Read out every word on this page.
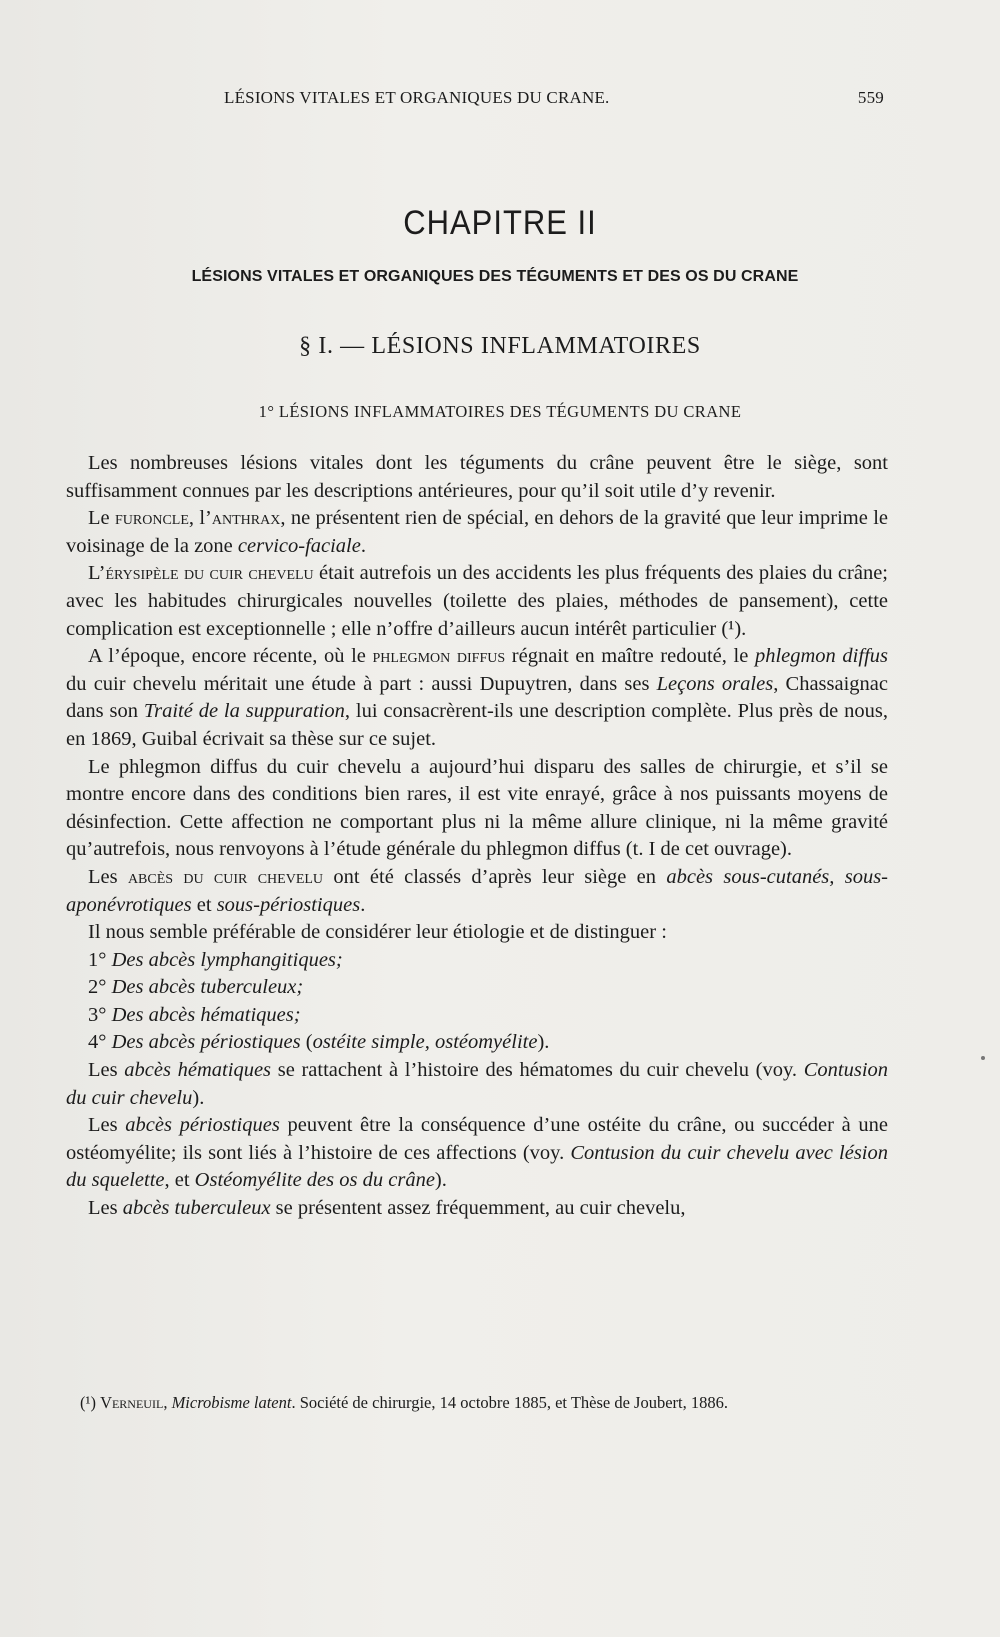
LÉSIONS VITALES ET ORGANIQUES DU CRANE.	559
CHAPITRE II
LÉSIONS VITALES ET ORGANIQUES DES TÉGUMENTS ET DES OS DU CRANE
§ I. — LÉSIONS INFLAMMATOIRES
1° LÉSIONS INFLAMMATOIRES DES TÉGUMENTS DU CRANE

Les nombreuses lésions vitales dont les téguments du crâne peuvent être le siège, sont suffisamment connues par les descriptions antérieures, pour qu’il soit utile d’y revenir.

Le furoncle, l’anthrax, ne présentent rien de spécial, en dehors de la gravité que leur imprime le voisinage de la zone cervico-faciale.

L’érysipèle du cuir chevelu était autrefois un des accidents les plus fréquents des plaies du crâne; avec les habitudes chirurgicales nouvelles (toilette des plaies, méthodes de pansement), cette complication est exceptionnelle ; elle n’offre d’ailleurs aucun intérêt particulier (¹).

A l’époque, encore récente, où le phlegmon diffus régnait en maître redouté, le phlegmon diffus du cuir chevelu méritait une étude à part : aussi Dupuytren, dans ses Leçons orales, Chassaignac dans son Traité de la suppuration, lui consacrèrent-ils une description complète. Plus près de nous, en 1869, Guibal écrivait sa thèse sur ce sujet.

Le phlegmon diffus du cuir chevelu a aujourd’hui disparu des salles de chirurgie, et s’il se montre encore dans des conditions bien rares, il est vite enrayé, grâce à nos puissants moyens de désinfection. Cette affection ne comportant plus ni la même allure clinique, ni la même gravité qu’autrefois, nous renvoyons à l’étude générale du phlegmon diffus (t. I de cet ouvrage).

Les abcès du cuir chevelu ont été classés d’après leur siège en abcès sous-cutanés, sous-aponévrotiques et sous-périostiques.

Il nous semble préférable de considérer leur étiologie et de distinguer :

1° Des abcès lymphangitiques;

2° Des abcès tuberculeux;

3° Des abcès hématiques;

4° Des abcès périostiques (ostéite simple, ostéomyélite).

Les abcès hématiques se rattachent à l’histoire des hématomes du cuir chevelu (voy. Contusion du cuir chevelu).

Les abcès périostiques peuvent être la conséquence d’une ostéite du crâne, ou succéder à une ostéomyélite; ils sont liés à l’histoire de ces affections (voy. Contusion du cuir chevelu avec lésion du squelette, et Ostéomyélite des os du crâne).

Les abcès tuberculeux se présentent assez fréquemment, au cuir chevelu,

(¹) Verneuil, Microbisme latent. Société de chirurgie, 14 octobre 1885, et Thèse de Joubert, 1886.
